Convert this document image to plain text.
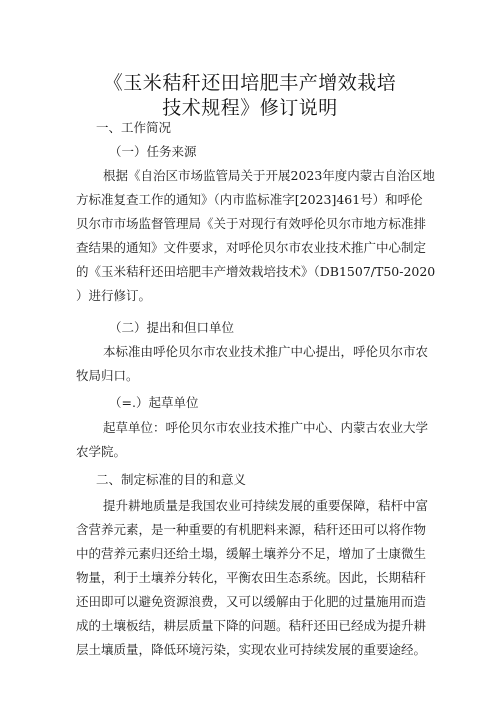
《玉米秸秆还田培肥丰产增效栽培
技术规程》修订说明
一、工作简况
（一）任务来源
根据《自治区市场监管局关于开展2023年度内蒙古自治区地
方标准复查工作的通知》（内市监标准字[2023]461号）和呼伦
贝尔市市场监督管理局《关于对现行有效呼伦贝尔市地方标准排
查结果的通知》文件要求，对呼伦贝尔市农业技术推广中心制定
的《玉米秸秆还田培肥丰产增效栽培技术》（DB1507/T50-2020
）进行修订。
（二）提出和但口单位
本标准由呼伦贝尔市农业技术推广中心提出，呼伦贝尔市农
牧局归口。
（=.）起草单位
起草单位：呼伦贝尔市农业技术推广中心、内蒙古农业大学
农学院。
二、制定标准的目的和意义
提升耕地质量是我国农业可持续发展的重要保障，秸杆中富
含营养元素，是一种重要的有机肥料来源，秸秆还田可以将作物
中的营养元素归还给土塌，缓解土壤养分不足，增加了士康微生
物量，利于土壤养分转化，平衡农田生态系统。因此，长期秸秆
还田即可以避免资源浪费，又可以缓解由于化肥的过量施用而造
成的土壤板结，耕层质量下降的问题。秸秆还田已经成为提升耕
层土壤质量，降低环境污染，实现农业可持续发展的重要途经。
